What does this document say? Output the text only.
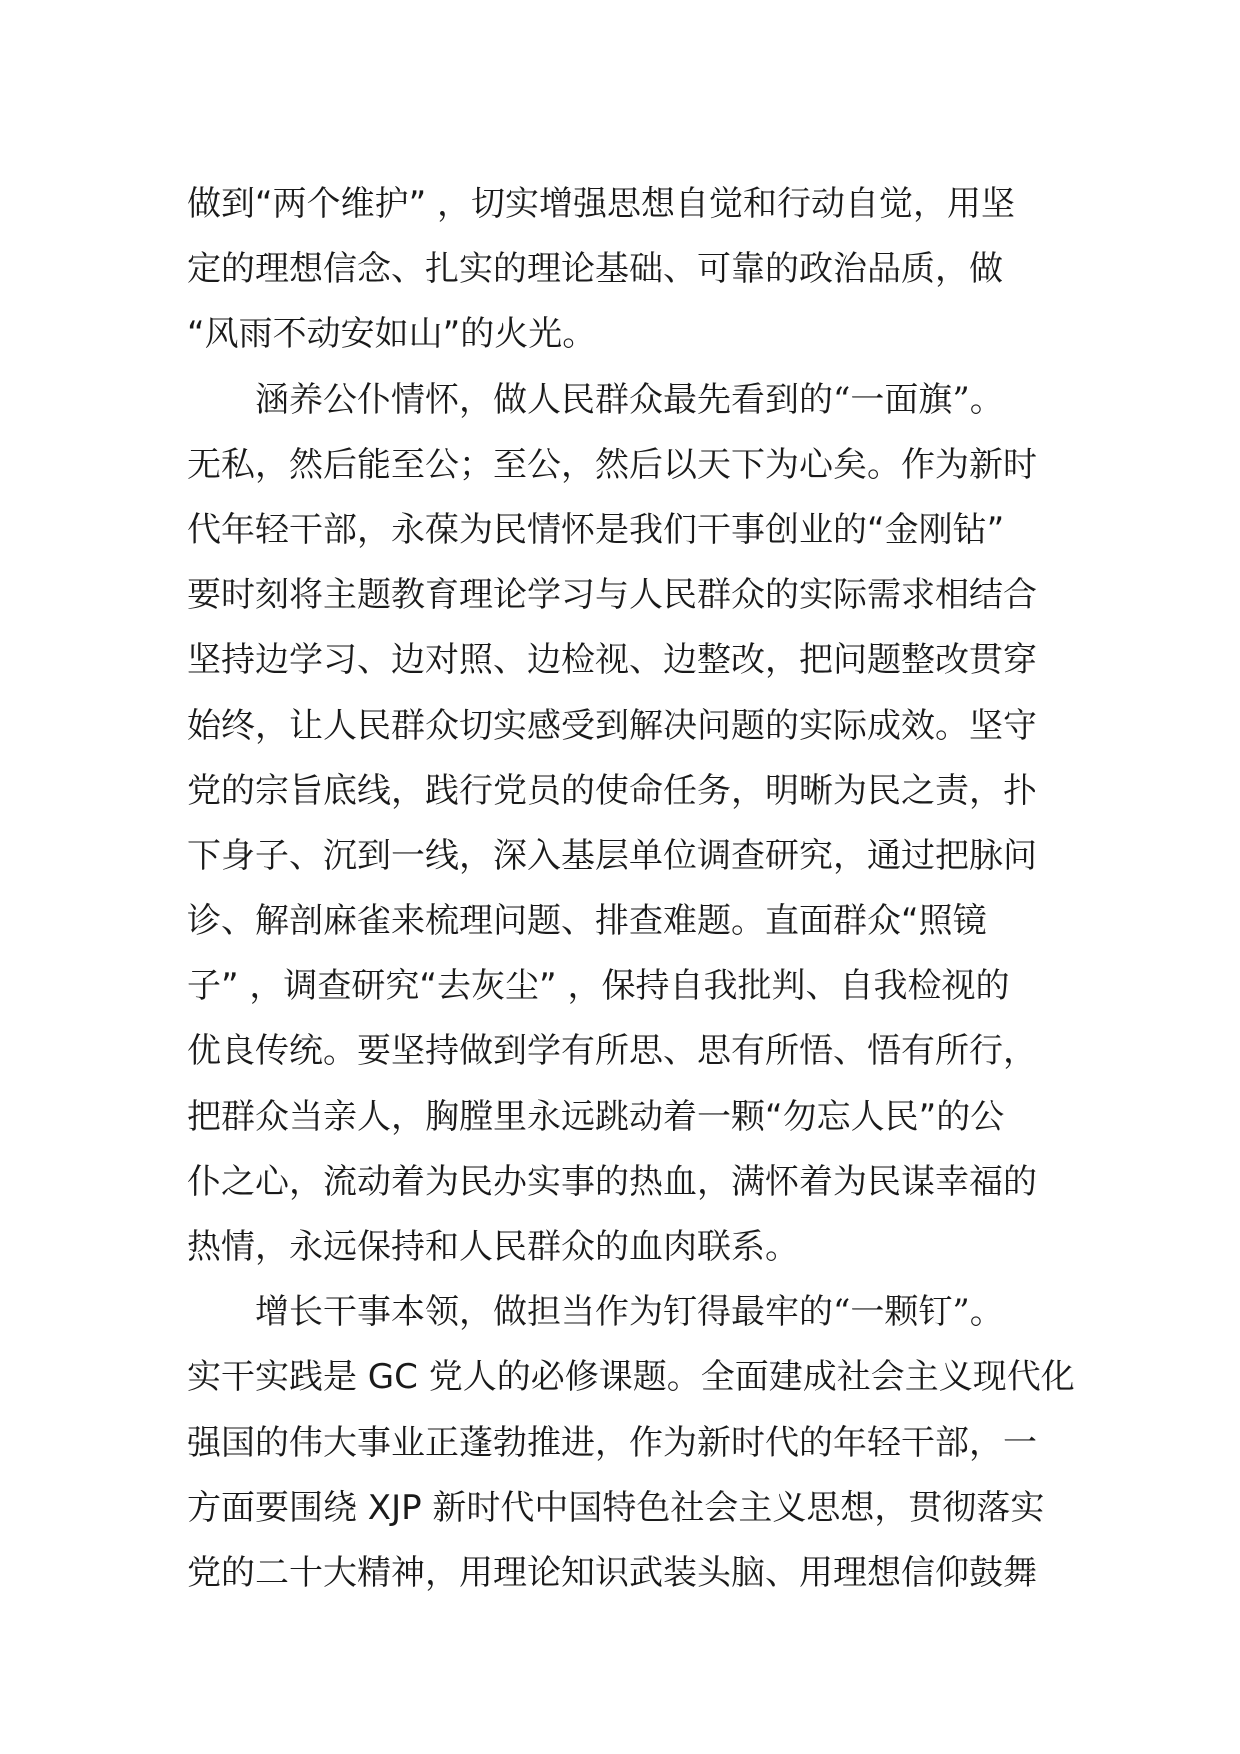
做到“两个维护” ，切实增强思想自觉和行动自觉，用坚
定的理想信念、扎实的理论基础、可靠的政治品质，做
“风雨不动安如山”的火光。
涵养公仆情怀，做人民群众最先看到的“一面旗”。
无私，然后能至公；至公，然后以天下为心矣。作为新时
代年轻干部，永葆为民情怀是我们干事创业的“金刚钻”
要时刻将主题教育理论学习与人民群众的实际需求相结合
坚持边学习、边对照、边检视、边整改，把问题整改贯穿
始终，让人民群众切实感受到解决问题的实际成效。坚守
党的宗旨底线，践行党员的使命任务，明晰为民之责，扑
下身子、沉到一线，深入基层单位调查研究，通过把脉问
诊、解剖麻雀来梳理问题、排查难题。直面群众“照镜
子” ，调查研究“去灰尘” ，保持自我批判、自我检视的
优良传统。要坚持做到学有所思、思有所悟、悟有所行，
把群众当亲人，胸膛里永远跳动着一颗“勿忘人民”的公
仆之心，流动着为民办实事的热血，满怀着为民谋幸福的
热情，永远保持和人民群众的血肉联系。
增长干事本领，做担当作为钉得最牢的“一颗钉”。
实干实践是 GC 党人的必修课题。全面建成社会主义现代化
强国的伟大事业正蓬勃推进，作为新时代的年轻干部，一
方面要围绕 XJP 新时代中国特色社会主义思想，贯彻落实
党的二十大精神，用理论知识武装头脑、用理想信仰鼓舞
